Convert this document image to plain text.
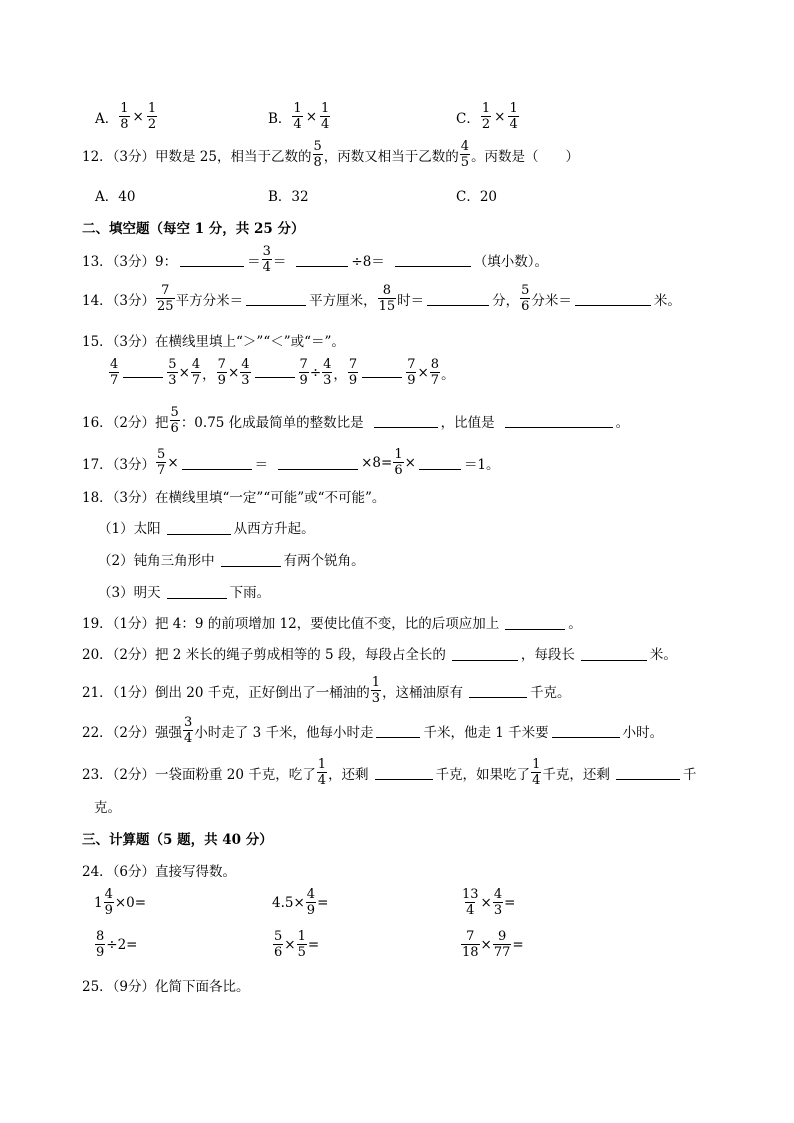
A． $\frac{1}{8} \times \frac{1}{2}$	B． $\frac{1}{4} \times \frac{1}{4}$	C． $\frac{1}{2} \times \frac{1}{4}$
12．（3分）甲数是 25，相当于乙数的
5
8 ，丙数又相当于乙数的
4
5 。丙数是（　　）
A．40	B．32	C．20
二、填空题（每空 1 分，共 25 分）
13．（3分）9：	＝
3
4 ＝	÷8＝	（填小数）。
14．（3分）
7
25 平方分米＝	平方厘米，
8
15 时＝	分，
5
6 分米＝	米。
15．（3分）在横线里填上“＞”“＜”或“＝”。
4
7	$\frac{5}{3} \times \frac{4}{7}$ ， $\frac{7}{9} \times \frac{4}{3}$	$\frac{7}{9} \div \frac{4}{3}$ ，
7
9	$\frac{7}{9} \times \frac{8}{7}$ 。
16．（2分）把
5
6 ：0.75 化成最简单的整数比是	，比值是	。
17．（3分） $\frac{5}{7}$ ×	＝	$\times 8= \frac{1}{6}$ ×	＝1。
18．（3分）在横线里填“一定”“可能”或“不可能”。
（1）太阳	从西方升起。
（2）钝角三角形中	有两个锐角。
（3）明天	下雨。
19．（1分）把 4：9 的前项增加 12，要使比值不变，比的后项应加上	。
20．（2分）把 2 米长的绳子剪成相等的 5 段，每段占全长的	，每段长	米。
21．（1分）倒出 20 千克，正好倒出了一桶油的
1
3 ，这桶油原有	千克。
22．（2分）强强
3
4 小时走了 3 千米，他每小时走	千米，他走 1 千米要	小时。
23．（2分）一袋面粉重 20 千克，吃了
1
4 ，还剩	千克，如果吃了
1
4 千克，还剩	千
克。
三、计算题（5 题，共 40 分）
24．（6分）直接写得数。
$1 \frac{4}{9} \times 0=$	$4.5\times \frac{4}{9}$ =	$\frac{13}{4} \times \frac{4}{3}$ =
$\frac{8}{9} \div 2=$	$\frac{5}{6} \times \frac{1}{5}$ =	$\frac{7}{18} \times \frac{9}{77}$ =
25．（9分）化简下面各比。
